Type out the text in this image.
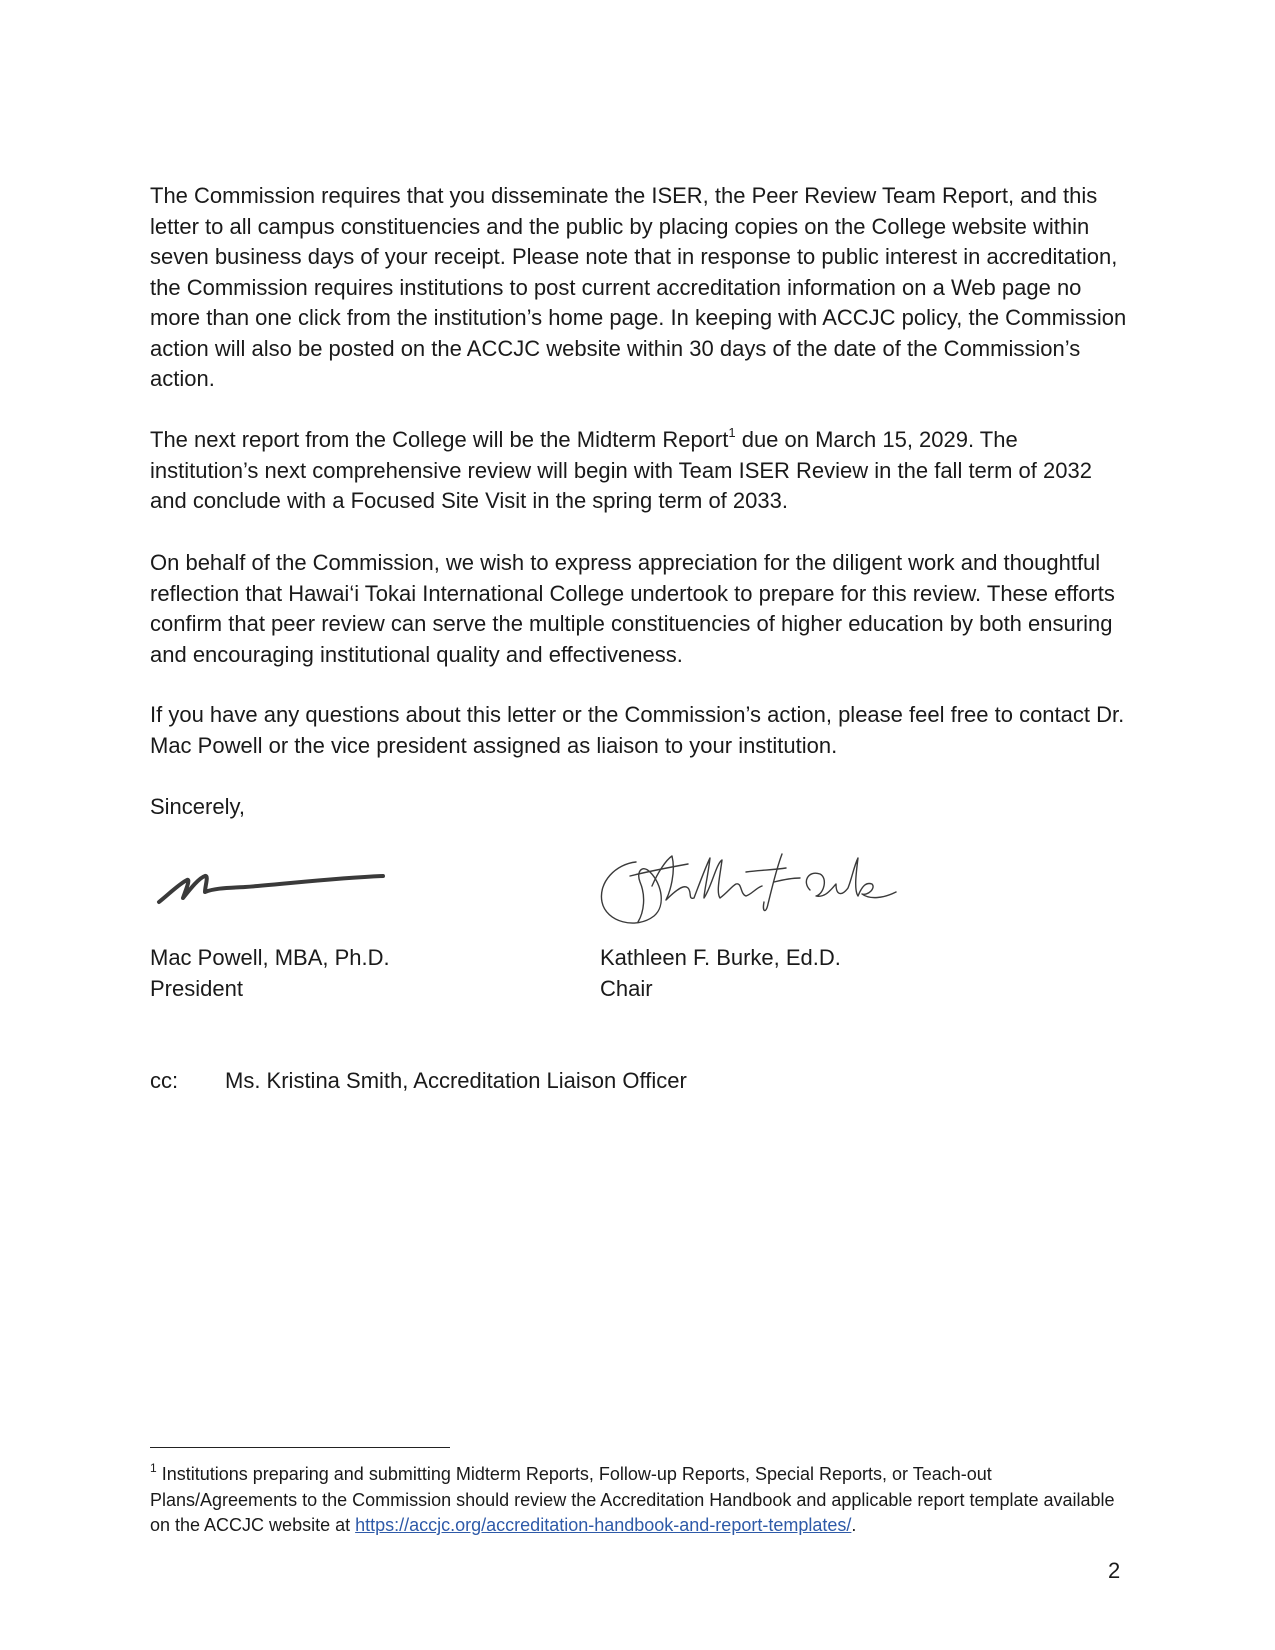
The Commission requires that you disseminate the ISER, the Peer Review Team Report, and this letter to all campus constituencies and the public by placing copies on the College website within seven business days of your receipt. Please note that in response to public interest in accreditation, the Commission requires institutions to post current accreditation information on a Web page no more than one click from the institution’s home page. In keeping with ACCJC policy, the Commission action will also be posted on the ACCJC website within 30 days of the date of the Commission’s action.

The next report from the College will be the Midterm Report$^1$ due on March 15, 2029. The institution’s next comprehensive review will begin with Team ISER Review in the fall term of 2032 and conclude with a Focused Site Visit in the spring term of 2033.

On behalf of the Commission, we wish to express appreciation for the diligent work and thoughtful reflection that Hawai‘i Tokai International College undertook to prepare for this review. These efforts confirm that peer review can serve the multiple constituencies of higher education by both ensuring and encouraging institutional quality and effectiveness.

If you have any questions about this letter or the Commission’s action, please feel free to contact Dr. Mac Powell or the vice president assigned as liaison to your institution.

Sincerely,
Mac Powell, MBA, Ph.D.
President
Kathleen F. Burke, Ed.D.
Chair
cc: Ms. Kristina Smith, Accreditation Liaison Officer
$^1$ Institutions preparing and submitting Midterm Reports, Follow-up Reports, Special Reports, or Teach-out Plans/Agreements to the Commission should review the Accreditation Handbook and applicable report template available on the ACCJC website at https://accjc.org/accreditation-handbook-and-report-templates/.
2
